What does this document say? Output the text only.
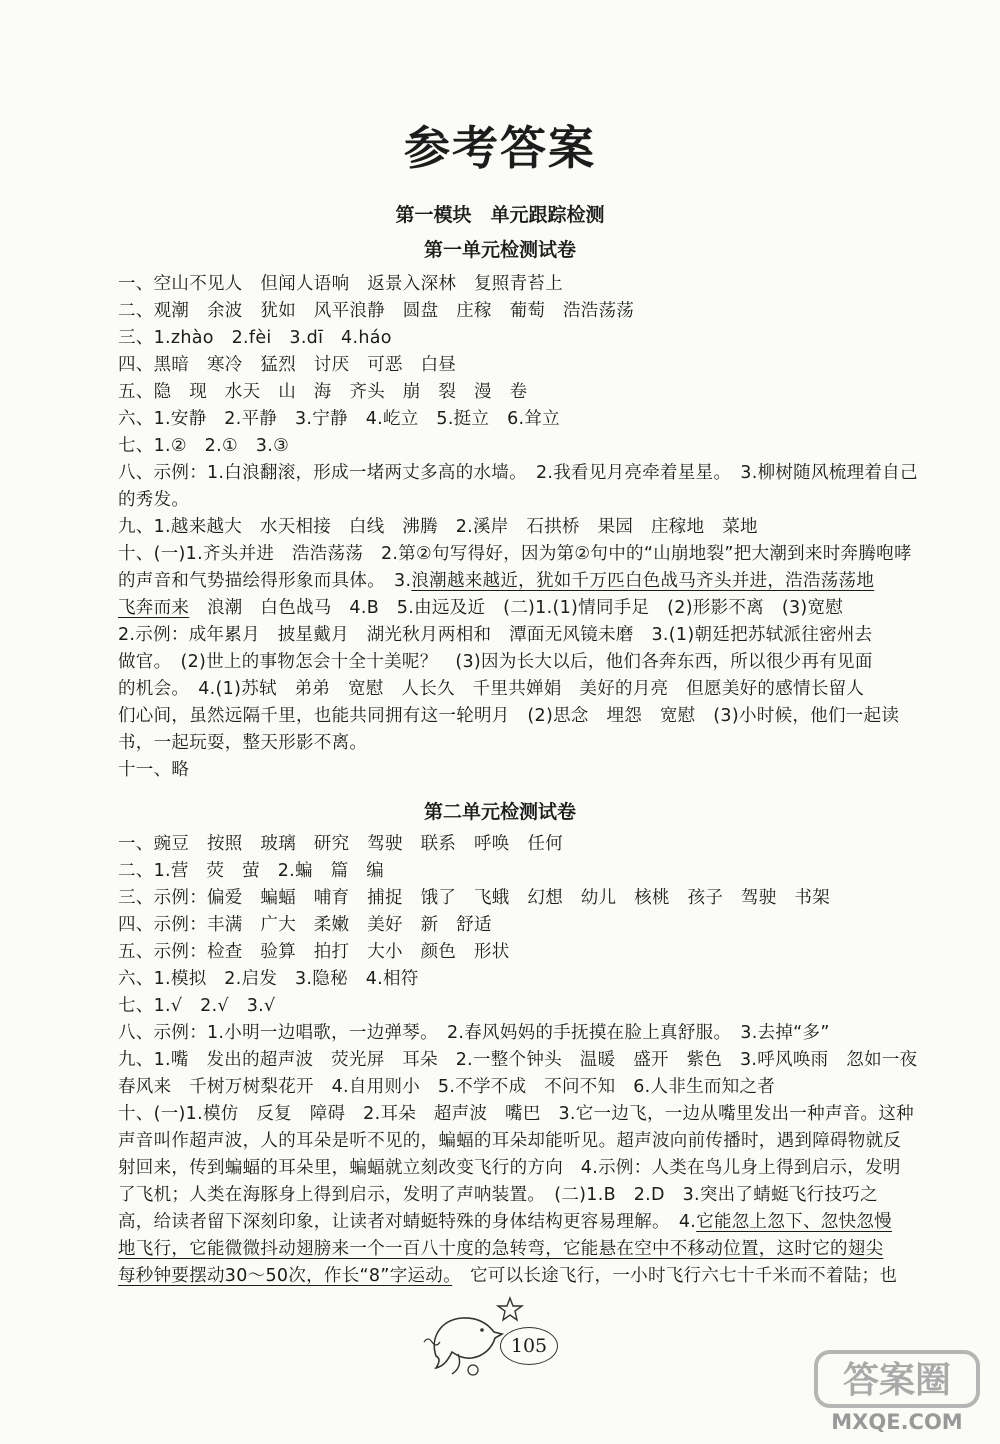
参考答案
第一模块　单元跟踪检测
第一单元检测试卷
一、空山不见人　但闻人语响　返景入深林　复照青苔上
二、观潮　余波　犹如　风平浪静　圆盘　庄稼　葡萄　浩浩荡荡
三、1.zhào　2.fèi　3.dī　4.háo
四、黑暗　寒冷　猛烈　讨厌　可恶　白昼
五、隐　现　水天　山　海　齐头　崩　裂　漫　卷
六、1.安静　2.平静　3.宁静　4.屹立　5.挺立　6.耸立
七、1.②　2.①　3.③
八、示例：1.白浪翻滚，形成一堵两丈多高的水墙。　2.我看见月亮牵着星星。　3.柳树随风梳理着自己
的秀发。
九、1.越来越大　水天相接　白线　沸腾　2.溪岸　石拱桥　果园　庄稼地　菜地
十、(一)1.齐头并进　浩浩荡荡　2.第②句写得好，因为第②句中的“山崩地裂”把大潮到来时奔腾咆哮
的声音和气势描绘得形象而具体。　3.浪潮越来越近，犹如千万匹白色战马齐头并进，浩浩荡荡地
飞奔而来　浪潮　白色战马　4.B　5.由远及近　(二)1.(1)情同手足　(2)形影不离　(3)宽慰
2.示例：成年累月　披星戴月　湖光秋月两相和　潭面无风镜未磨　3.(1)朝廷把苏轼派往密州去
做官。　(2)世上的事物怎会十全十美呢？　(3)因为长大以后，他们各奔东西，所以很少再有见面
的机会。　4.(1)苏轼　弟弟　宽慰　人长久　千里共婵娟　美好的月亮　但愿美好的感情长留人
们心间，虽然远隔千里，也能共同拥有这一轮明月　(2)思念　埋怨　宽慰　(3)小时候，他们一起读
书，一起玩耍，整天形影不离。
十一、略
第二单元检测试卷
一、豌豆　按照　玻璃　研究　驾驶　联系　呼唤　任何
二、1.营　荧　萤　2.蝙　篇　编
三、示例：偏爱　蝙蝠　哺育　捕捉　饿了　飞蛾　幻想　幼儿　核桃　孩子　驾驶　书架
四、示例：丰满　广大　柔嫩　美好　新　舒适
五、示例：检查　验算　拍打　大小　颜色　形状
六、1.模拟　2.启发　3.隐秘　4.相符
七、1.√　2.√　3.√
八、示例：1.小明一边唱歌，一边弹琴。　2.春风妈妈的手抚摸在脸上真舒服。　3.去掉“多”
九、1.嘴　发出的超声波　荧光屏　耳朵　2.一整个钟头　温暖　盛开　紫色　3.呼风唤雨　忽如一夜
春风来　千树万树梨花开　4.自用则小　5.不学不成　不问不知　6.人非生而知之者
十、(一)1.模仿　反复　障碍　2.耳朵　超声波　嘴巴　3.它一边飞，一边从嘴里发出一种声音。这种
声音叫作超声波，人的耳朵是听不见的，蝙蝠的耳朵却能听见。超声波向前传播时，遇到障碍物就反
射回来，传到蝙蝠的耳朵里，蝙蝠就立刻改变飞行的方向　4.示例：人类在鸟儿身上得到启示，发明
了飞机；人类在海豚身上得到启示，发明了声呐装置。　(二)1.B　2.D　3.突出了蜻蜓飞行技巧之
高，给读者留下深刻印象，让读者对蜻蜓特殊的身体结构更容易理解。　4.它能忽上忽下、忽快忽慢
地飞行，它能微微抖动翅膀来一个一百八十度的急转弯，它能悬在空中不移动位置，这时它的翅尖
每秒钟要摆动30～50次，作长“8”字运动。　它可以长途飞行，一小时飞行六七十千米而不着陆；也
105
答案圈
MXQE.COM
